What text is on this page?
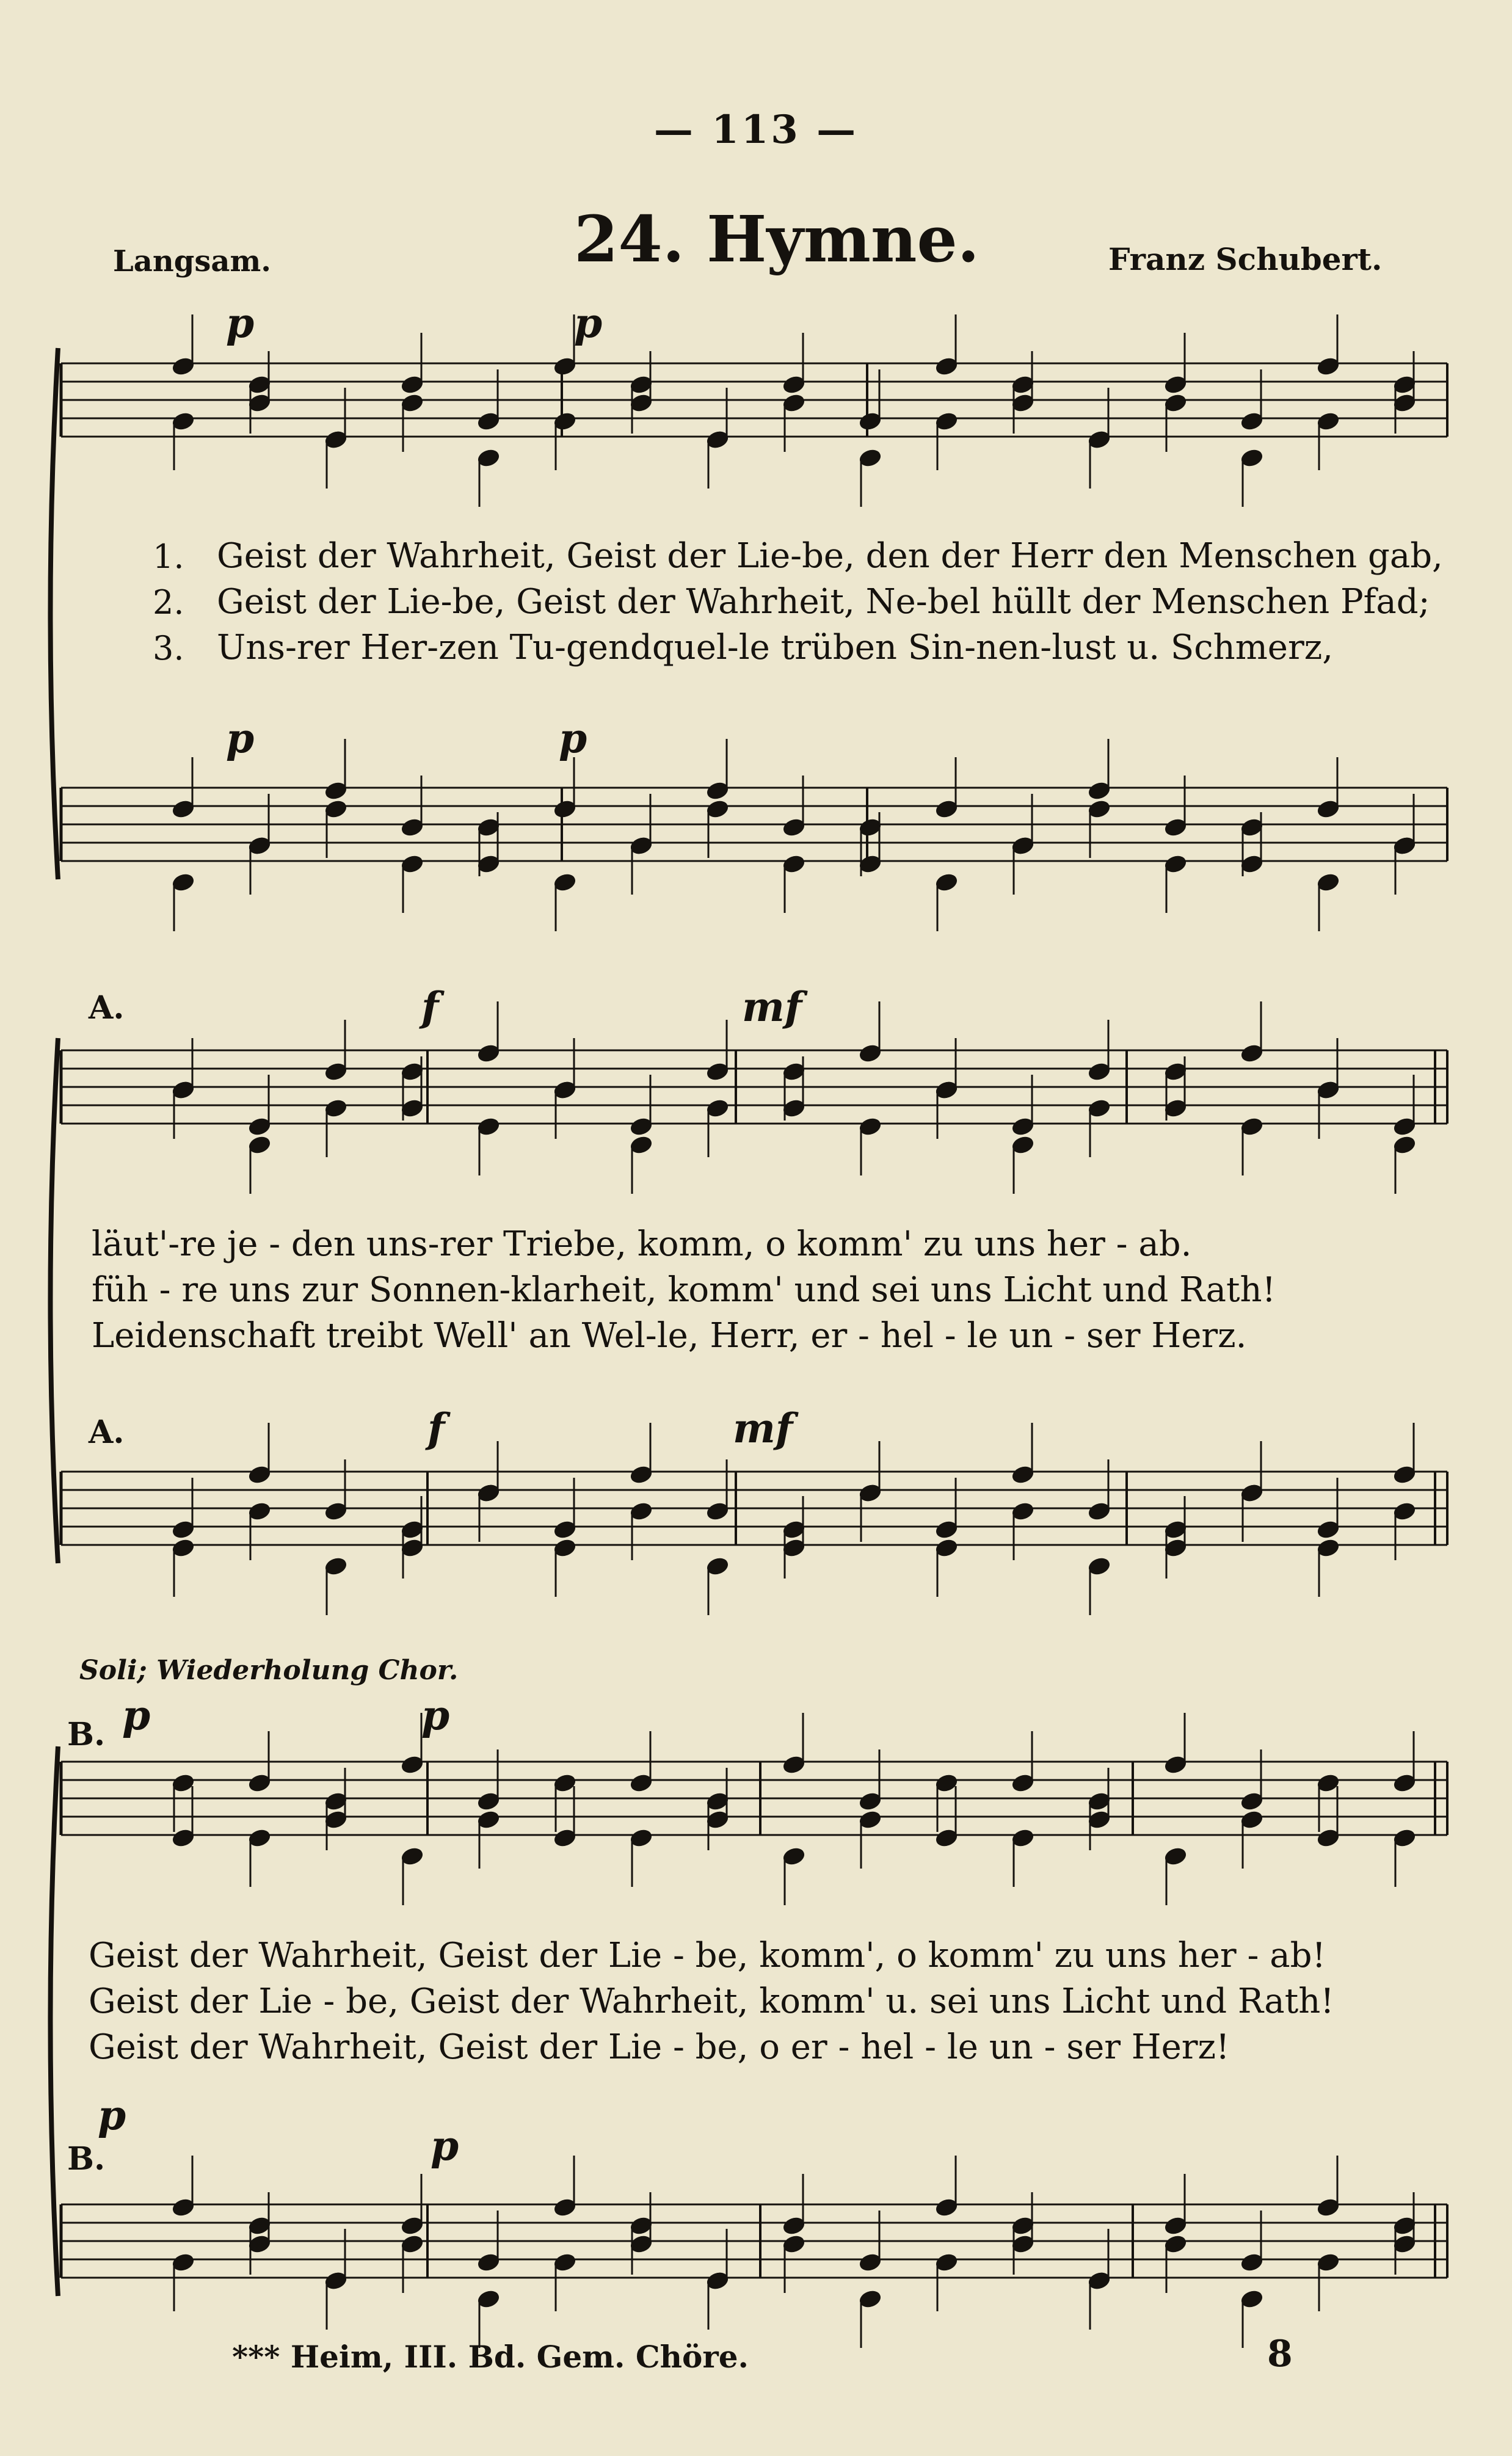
— 113 —
Langsam.	24. Hymne.	Franz Schubert.
p	p
p	p
1.
2.
3.
Geist der Wahrheit, Geist der Lie-be, den der Herr den Menschen gab,
Geist der Lie-be, Geist der Wahrheit, Ne-bel hüllt der Menschen Pfad;
Uns-rer Her-zen Tu-gendquel-le trüben Sin-nen-lust u. Schmerz,
A.	f	mf
A.	f	mf
läut'-re je - den uns-rer Triebe, komm, o komm' zu uns her - ab.
füh - re uns zur Sonnen-klarheit, komm' und sei uns Licht und Rath!
Leidenschaft treibt Well' an Wel-le, Herr, er - hel - le un - ser Herz.
Soli; Wiederholung Chor.
B. p	p
B.
p
p
Geist der Wahrheit, Geist der Lie - be, komm', o komm' zu uns her - ab!
Geist der Lie - be, Geist der Wahrheit, komm' u. sei uns Licht und Rath!
Geist der Wahrheit, Geist der Lie - be, o er - hel - le un - ser Herz!
*** Heim, III. Bd. Gem. Chöre.	8
